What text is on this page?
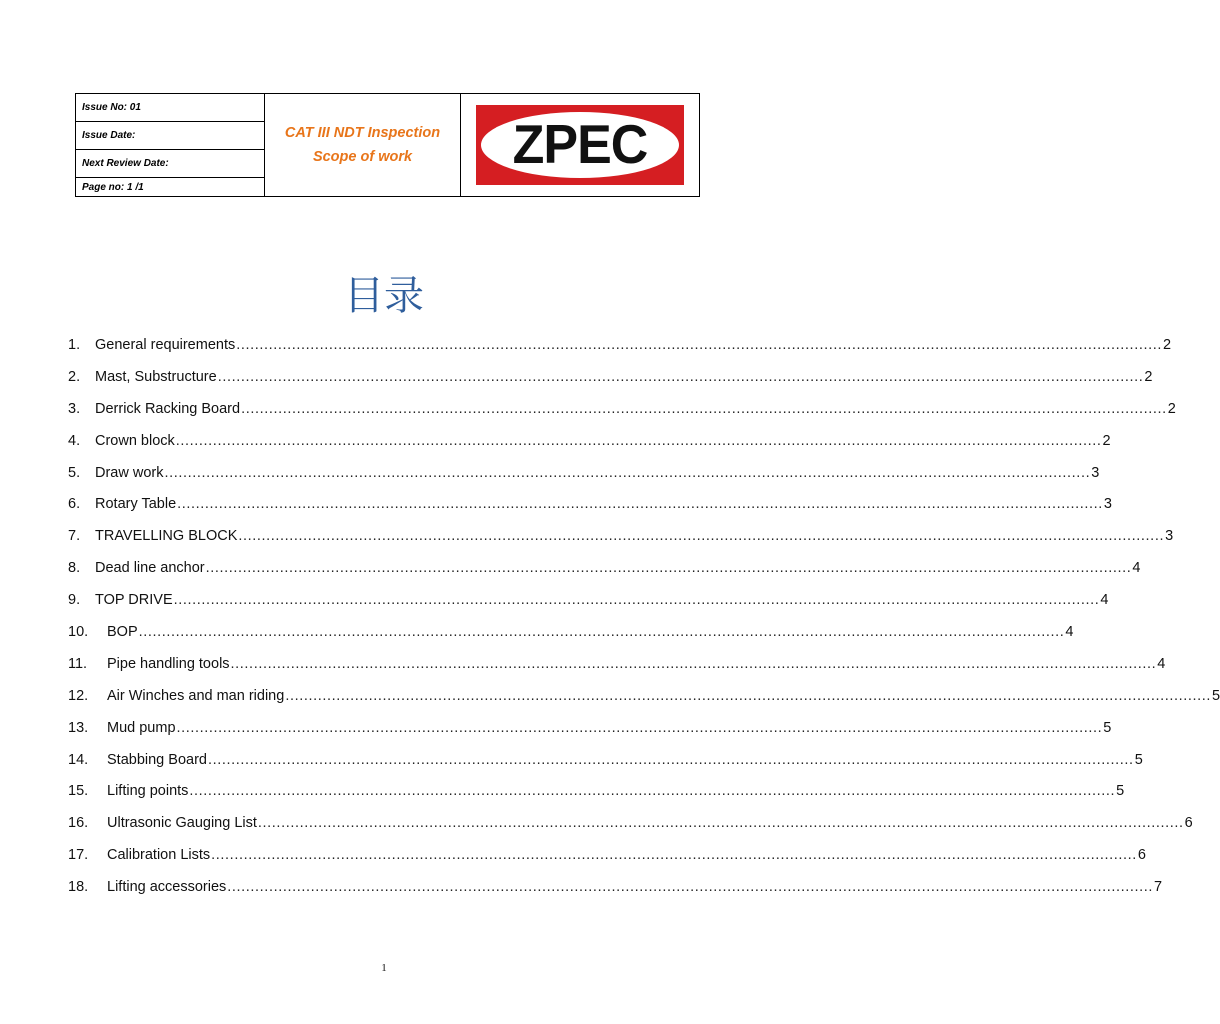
Issue No: 01	
CAT III NDT Inspection
Scope of work	ZPEC

Issue Date:
Next Review Date:
Page no: 1 /1
目录
1.	General requirements ........................................................................................................................................................................................................ 2
2.	Mast, Substructure ........................................................................................................................................................................................................ 2
3.	Derrick Racking Board ........................................................................................................................................................................................................ 2
4.	Crown block ........................................................................................................................................................................................................ 2
5.	Draw work ........................................................................................................................................................................................................ 3
6.	Rotary Table ........................................................................................................................................................................................................ 3
7.	TRAVELLING BLOCK ........................................................................................................................................................................................................ 3
8.	Dead line anchor ........................................................................................................................................................................................................ 4
9.	TOP DRIVE ........................................................................................................................................................................................................ 4
10.	BOP ........................................................................................................................................................................................................ 4
11.	Pipe handling tools ........................................................................................................................................................................................................ 4
12.	Air Winches and man riding ........................................................................................................................................................................................................ 5
13.	Mud pump ........................................................................................................................................................................................................ 5
14.	Stabbing Board ........................................................................................................................................................................................................ 5
15.	Lifting points ........................................................................................................................................................................................................ 5
16.	Ultrasonic Gauging List ........................................................................................................................................................................................................ 6
17.	Calibration Lists ........................................................................................................................................................................................................ 6
18.	Lifting accessories ........................................................................................................................................................................................................ 7
1
